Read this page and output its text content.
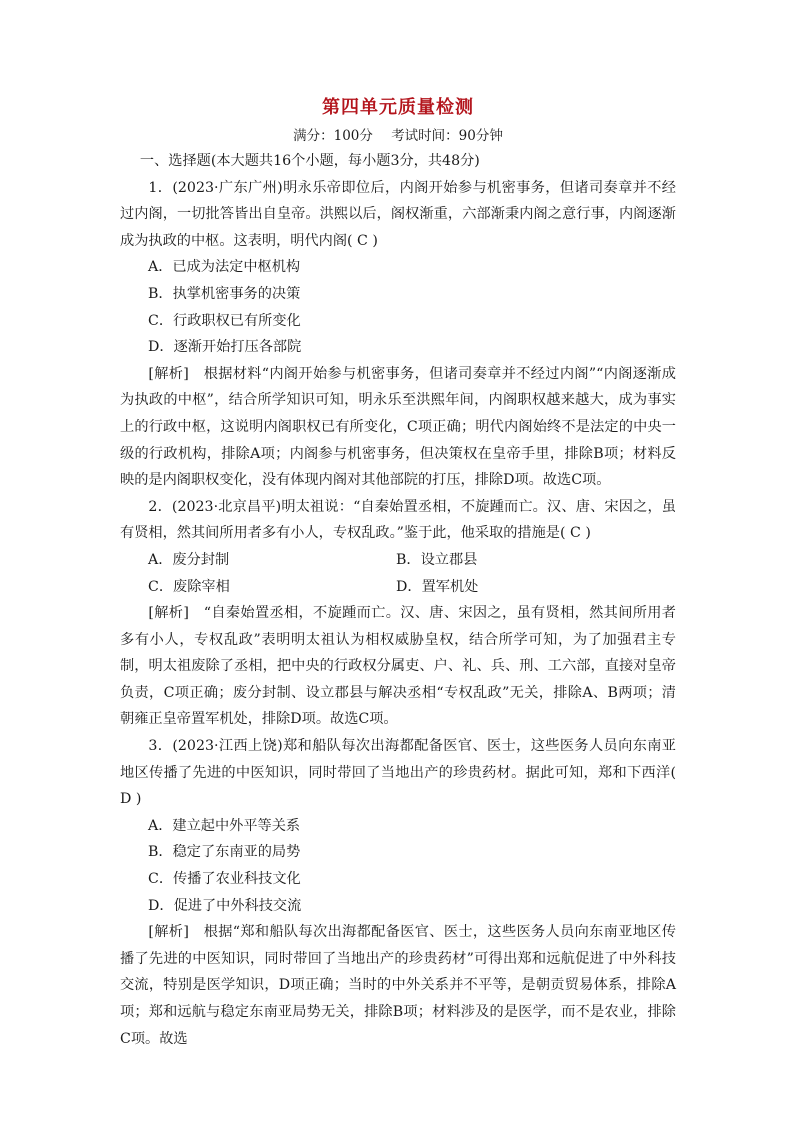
第四单元质量检测
满分：100分 考试时间：90分钟

一、选择题(本大题共16个小题，每小题3分，共48分)

1．(2023·广东广州)明永乐帝即位后，内阁开始参与机密事务，但诸司奏章并不经过内阁，一切批答皆出自皇帝。洪熙以后，阁权渐重，六部渐秉内阁之意行事，内阁逐渐成为执政的中枢。这表明，明代内阁( C )

A．已成为法定中枢机构

B．执掌机密事务的决策

C．行政职权已有所变化

D．逐渐开始打压各部院

[解析]　根据材料“内阁开始参与机密事务，但诸司奏章并不经过内阁”“内阁逐渐成为执政的中枢”，结合所学知识可知，明永乐至洪熙年间，内阁职权越来越大，成为事实上的行政中枢，这说明内阁职权已有所变化，C项正确；明代内阁始终不是法定的中央一级的行政机构，排除A项；内阁参与机密事务，但决策权在皇帝手里，排除B项；材料反映的是内阁职权变化，没有体现内阁对其他部院的打压，排除D项。故选C项。

2．(2023·北京昌平)明太祖说：“自秦始置丞相，不旋踵而亡。汉、唐、宋因之，虽有贤相，然其间所用者多有小人，专权乱政。”鉴于此，他采取的措施是( C )

A．废分封制	B．设立郡县
C．废除宰相	D．置军机处

[解析]　“自秦始置丞相，不旋踵而亡。汉、唐、宋因之，虽有贤相，然其间所用者多有小人，专权乱政”表明明太祖认为相权威胁皇权，结合所学可知，为了加强君主专制，明太祖废除了丞相，把中央的行政权分属吏、户、礼、兵、刑、工六部，直接对皇帝负责，C项正确；废分封制、设立郡县与解决丞相“专权乱政”无关，排除A、B两项；清朝雍正皇帝置军机处，排除D项。故选C项。

3．(2023·江西上饶)郑和船队每次出海都配备医官、医士，这些医务人员向东南亚地区传播了先进的中医知识，同时带回了当地出产的珍贵药材。据此可知，郑和下西洋( D )

A．建立起中外平等关系

B．稳定了东南亚的局势

C．传播了农业科技文化

D．促进了中外科技交流

[解析]　根据“郑和船队每次出海都配备医官、医士，这些医务人员向东南亚地区传播了先进的中医知识，同时带回了当地出产的珍贵药材”可得出郑和远航促进了中外科技交流，特别是医学知识，D项正确；当时的中外关系并不平等，是朝贡贸易体系，排除A项；郑和远航与稳定东南亚局势无关，排除B项；材料涉及的是医学，而不是农业，排除C项。故选
